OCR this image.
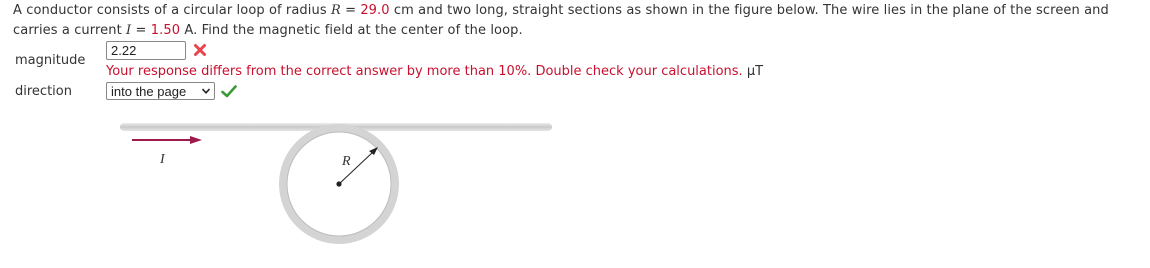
A conductor consists of a circular loop of radius R = 29.0 cm and two long, straight sections as shown in the figure below. The wire lies in the plane of the screen and carries a current I = 1.50 A. Find the magnetic field at the center of the loop.
magnitude
2.22
Your response differs from the correct answer by more than 10%. Double check your calculations. μT
direction	into the page
I	R
